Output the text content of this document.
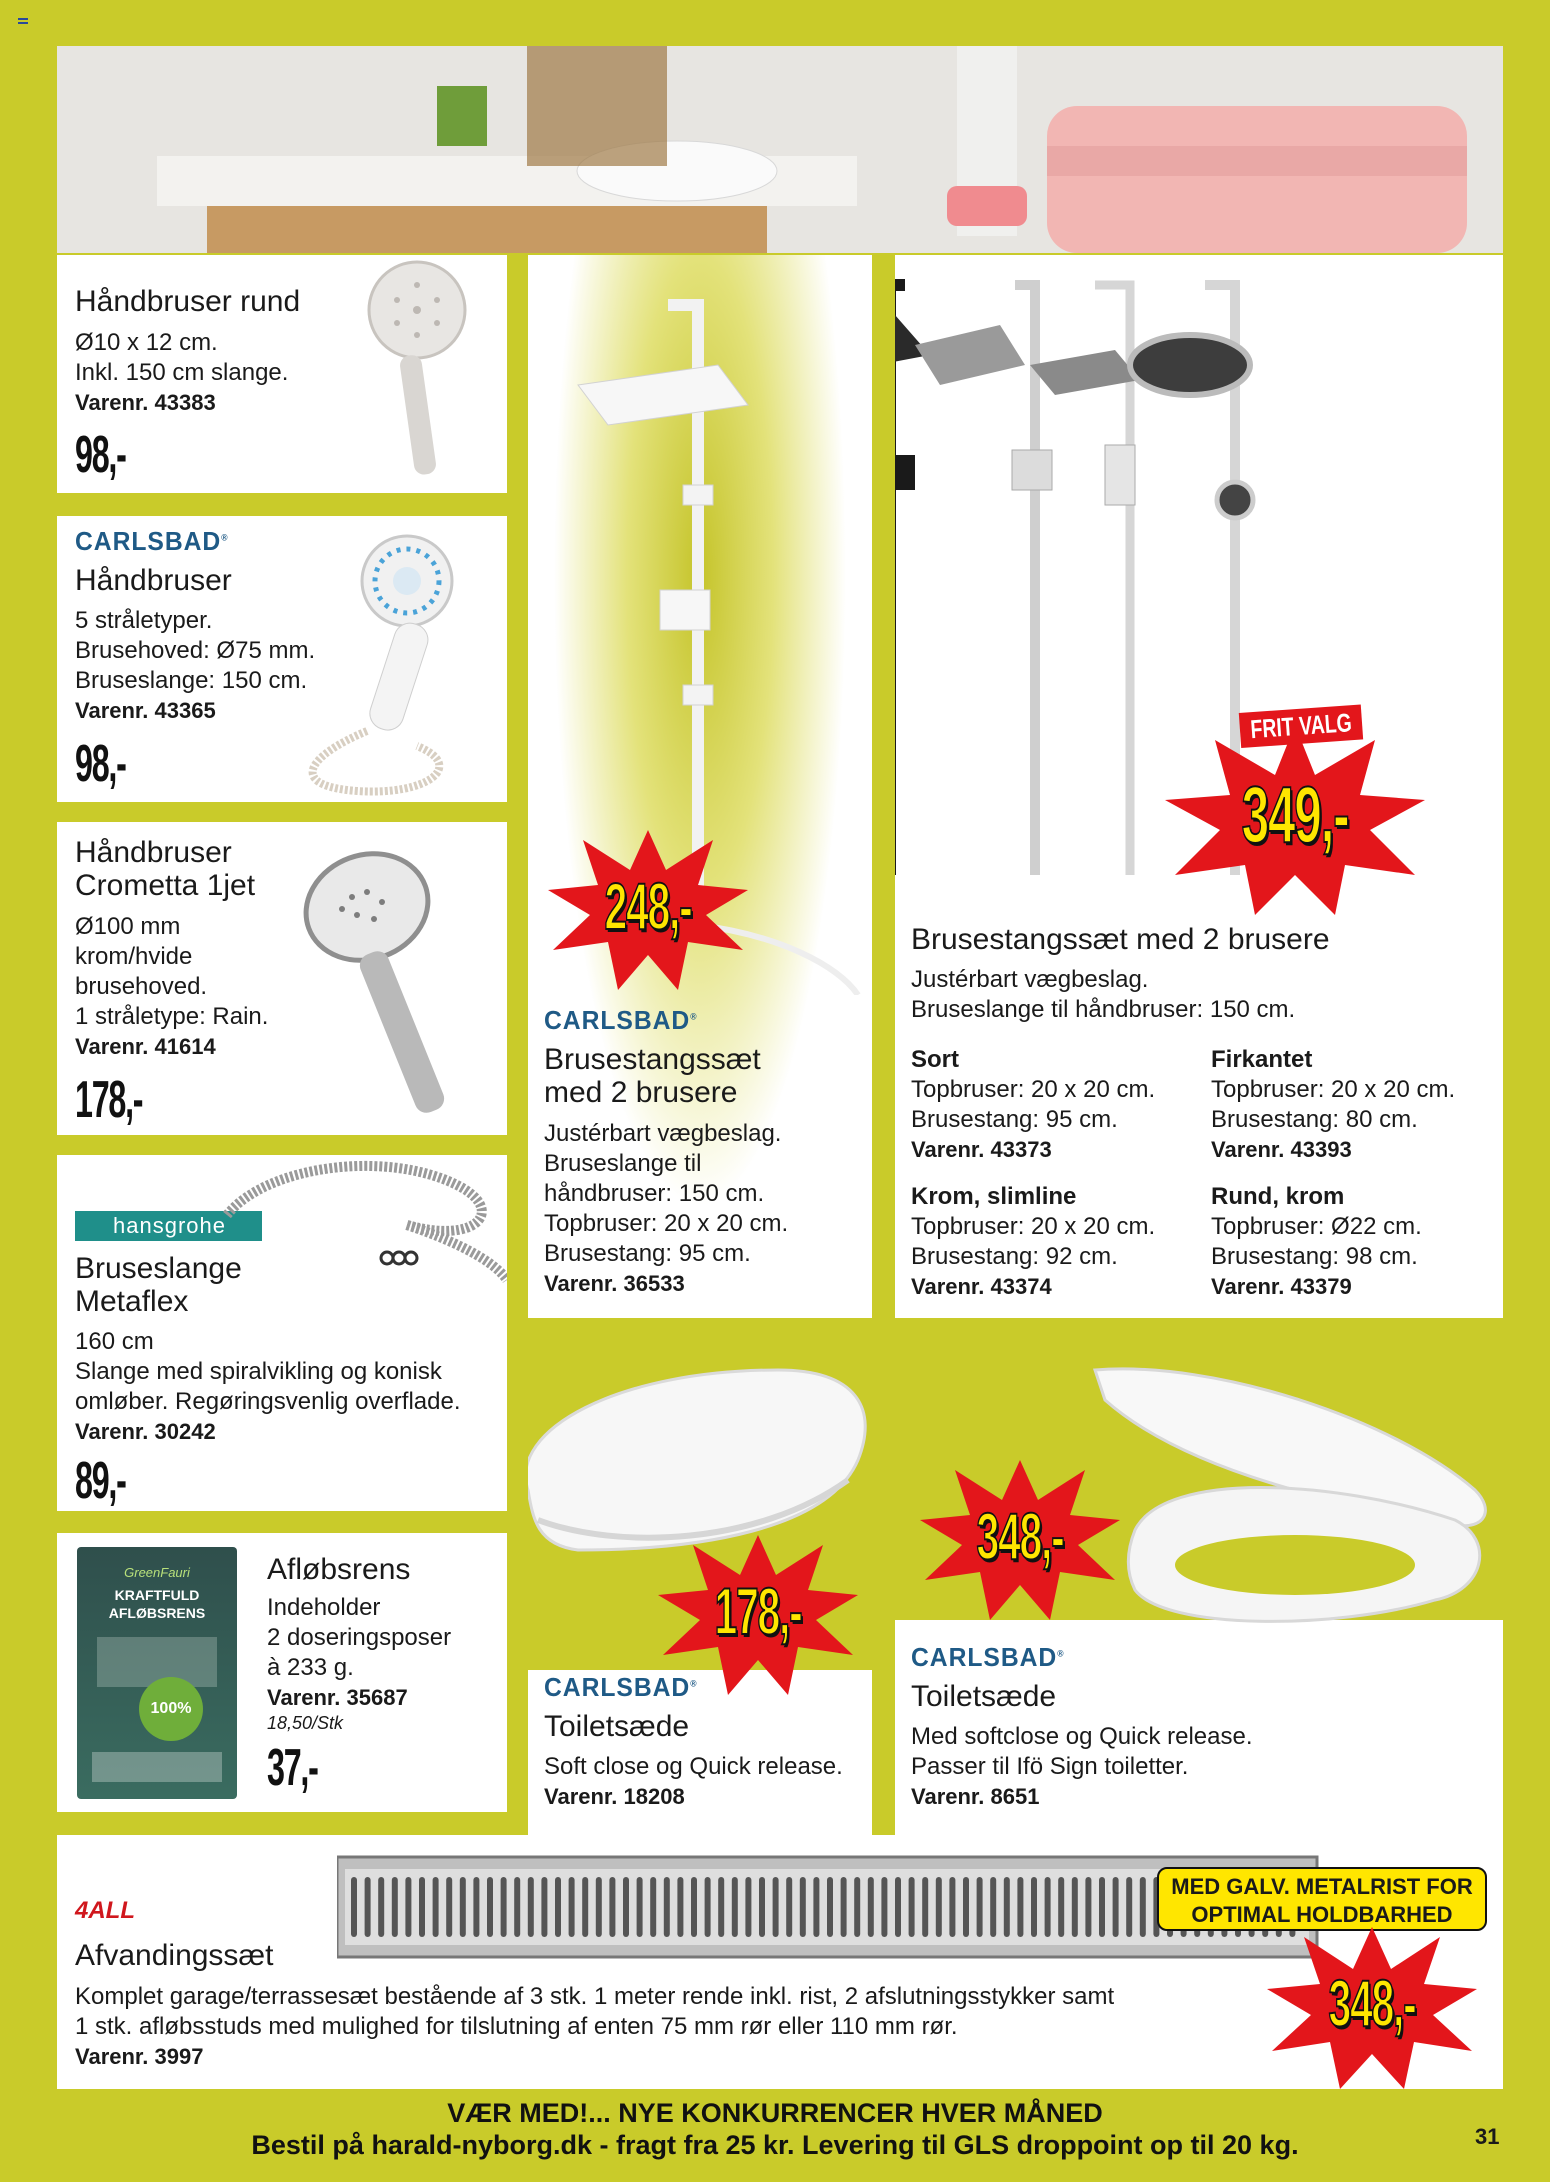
Håndbruser rund
Ø10 x 12 cm.
Inkl. 150 cm slange.
Varenr. 43383
98,-
CARLSBAD®
Håndbruser
5 stråletyper.
Brusehoved: Ø75 mm.
Bruseslange: 150 cm.
Varenr. 43365
98,-
Håndbruser
Crometta 1jet
Ø100 mm
krom/hvide
brusehoved.
1 stråletype: Rain.
Varenr. 41614
178,-
hansgrohe
Bruseslange
Metaflex
160 cm
Slange med spiralvikling og konisk
omløber. Regøringsvenlig overflade.
Varenr. 30242
89,-
GreenFauri
KRAFTFULD
AFLØBSRENS
100%
Afløbsrens
Indeholder
2 doseringsposer
à 233 g.
Varenr. 35687
18,50/Stk
37,-
248,-
CARLSBAD®
Brusestangssæt
med 2 brusere
Justérbart vægbeslag.
Bruseslange til
håndbruser: 150 cm.
Topbruser: 20 x 20 cm.
Brusestang: 95 cm.
Varenr. 36533
FRIT VALG
349,-
Brusestangssæt med 2 brusere
Justérbart vægbeslag.
Bruseslange til håndbruser: 150 cm.
Sort
Topbruser: 20 x 20 cm.
Brusestang: 95 cm.
Varenr. 43373
Firkantet
Topbruser: 20 x 20 cm.
Brusestang: 80 cm.
Varenr. 43393
Krom, slimline
Topbruser: 20 x 20 cm.
Brusestang: 92 cm.
Varenr. 43374
Rund, krom
Topbruser: Ø22 cm.
Brusestang: 98 cm.
Varenr. 43379
178,-
CARLSBAD®
Toiletsæde
Soft close og Quick release.
Varenr. 18208
348,-
CARLSBAD®
Toiletsæde
Med softclose og Quick release.
Passer til Ifö Sign toiletter.
Varenr. 8651
4ALL
Afvandingssæt
Komplet garage/terrassesæt bestående af 3 stk. 1 meter rende inkl. rist, 2 afslutningsstykker samt
1 stk. afløbsstuds med mulighed for tilslutning af enten 75 mm rør eller 110 mm rør.
Varenr. 3997
MED GALV. METALRIST FOR
OPTIMAL HOLDBARHED
348,-
VÆR MED!... NYE KONKURRENCER HVER MÅNED
Bestil på harald-nyborg.dk - fragt fra 25 kr. Levering til GLS droppoint op til 20 kg.	31
